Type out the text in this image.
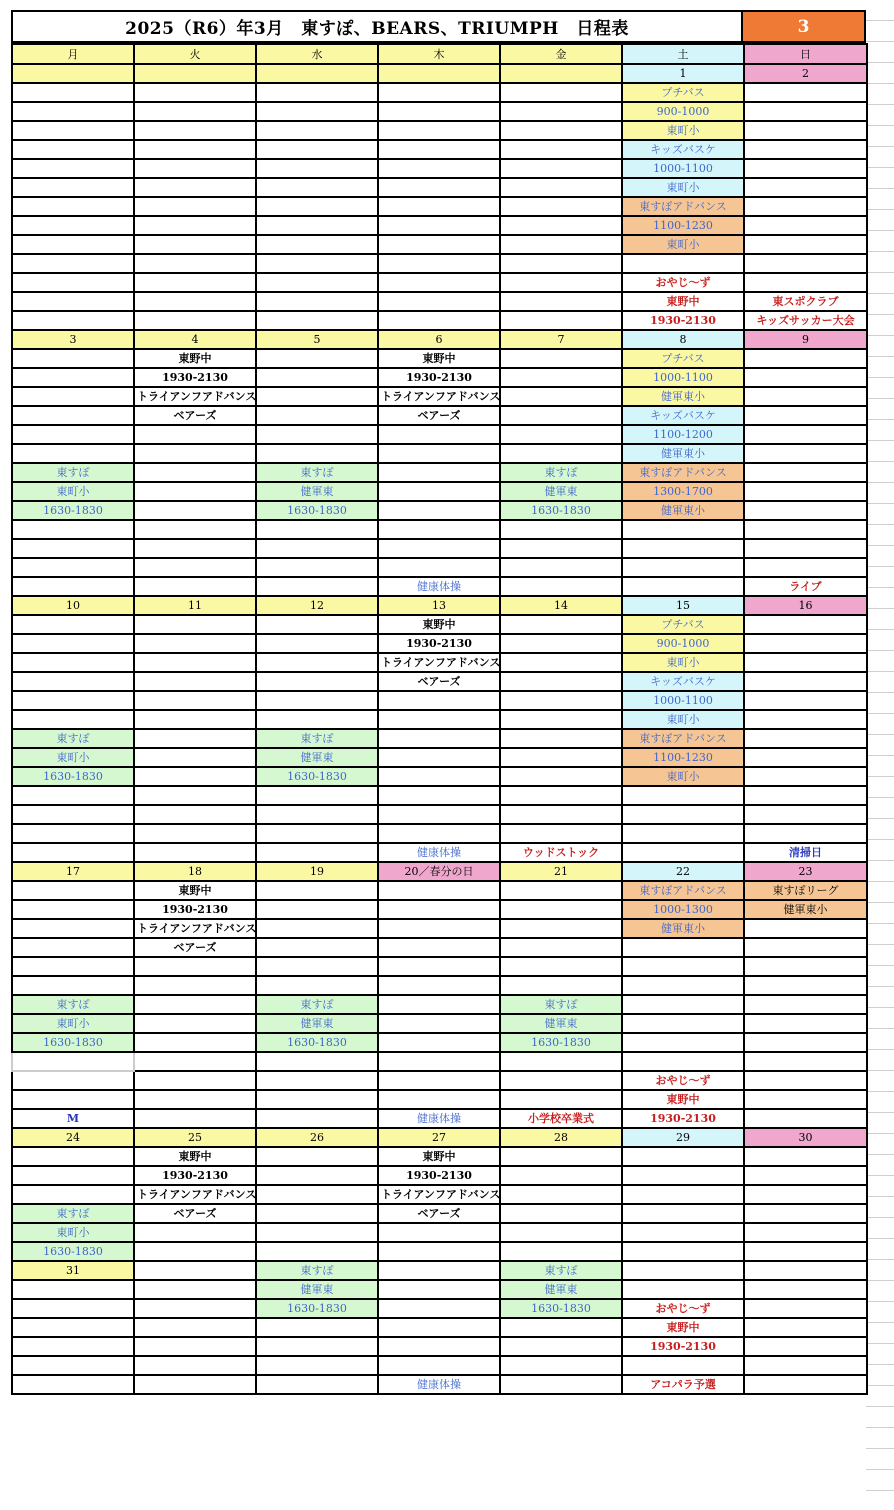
2025（R6）年3月　東すぽ、BEARS、TRIUMPH　日程表	3
月	火	水	木	金	土	日
					1	2
					プチバス	
					900-1000	
					東町小	
					キッズバスケ	
					1000-1100	
					東町小	
					東すぽアドバンス	
					1100-1230	
					東町小	

					おやじ〜ず	
					東野中	東スポクラブ
					1930-2130	キッズサッカー大会
3	4	5	6	7	8	9
	東野中		東野中		プチバス	
	1930-2130		1930-2130		1000-1100	
	トライアンフアドバンス		トライアンフアドバンス		健軍東小	
	ベアーズ		ベアーズ		キッズバスケ	
					1100-1200	
					健軍東小	
東すぽ		東すぽ		東すぽ	東すぽアドバンス	
東町小		健軍東		健軍東	1300-1700	
1630-1830		1630-1830		1630-1830	健軍東小	

			健康体操			ライブ
10	11	12	13	14	15	16
			東野中		プチバス	
			1930-2130		900-1000	
			トライアンフアドバンス		東町小	
			ベアーズ		キッズバスケ	
					1000-1100	
					東町小	
東すぽ		東すぽ			東すぽアドバンス	
東町小		健軍東			1100-1230	
1630-1830		1630-1830			東町小	

			健康体操	ウッドストック		清掃日
17	18	19	20／春分の日	21	22	23
	東野中				東すぽアドバンス	東すぽリーグ
	1930-2130				1000-1300	健軍東小
	トライアンフアドバンス				健軍東小	
	ベアーズ					

東すぽ		東すぽ		東すぽ		
東町小		健軍東		健軍東		
1630-1830		1630-1830		1630-1830		

					おやじ〜ず	
					東野中	
M			健康体操	小学校卒業式	1930-2130	
24	25	26	27	28	29	30
	東野中		東野中			
	1930-2130		1930-2130			
	トライアンフアドバンス		トライアンフアドバンス			
東すぽ	ベアーズ		ベアーズ			
東町小						
1630-1830						
31		東すぽ		東すぽ		
		健軍東		健軍東		
		1630-1830		1630-1830	おやじ〜ず	
					東野中	
					1930-2130	

			健康体操		アコパラ予選	
